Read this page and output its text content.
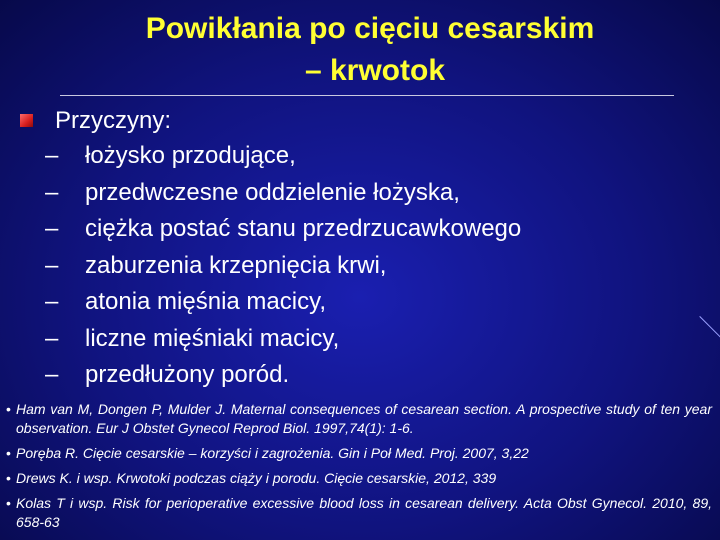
Powikłania po cięciu cesarskim
– krwotok
Przyczyny:
– łożysko przodujące,
– przedwczesne oddzielenie łożyska,
– ciężka postać stanu przedrzucawkowego
– zaburzenia krzepnięcia krwi,
– atonia mięśnia macicy,
– liczne mięśniaki macicy,
– przedłużony poród.
• Ham van M, Dongen P, Mulder J. Maternal consequences of cesarean section. A prospective study of ten year observation. Eur J Obstet Gynecol Reprod Biol. 1997,74(1): 1-6.
• Poręba R. Cięcie cesarskie – korzyści i zagrożenia. Gin i Poł Med. Proj. 2007, 3,22
• Drews K. i wsp. Krwotoki podczas ciąży i porodu. Cięcie cesarskie, 2012, 339
• Kolas T i wsp. Risk for perioperative excessive blood loss in cesarean delivery. Acta Obst Gynecol. 2010, 89, 658-63
